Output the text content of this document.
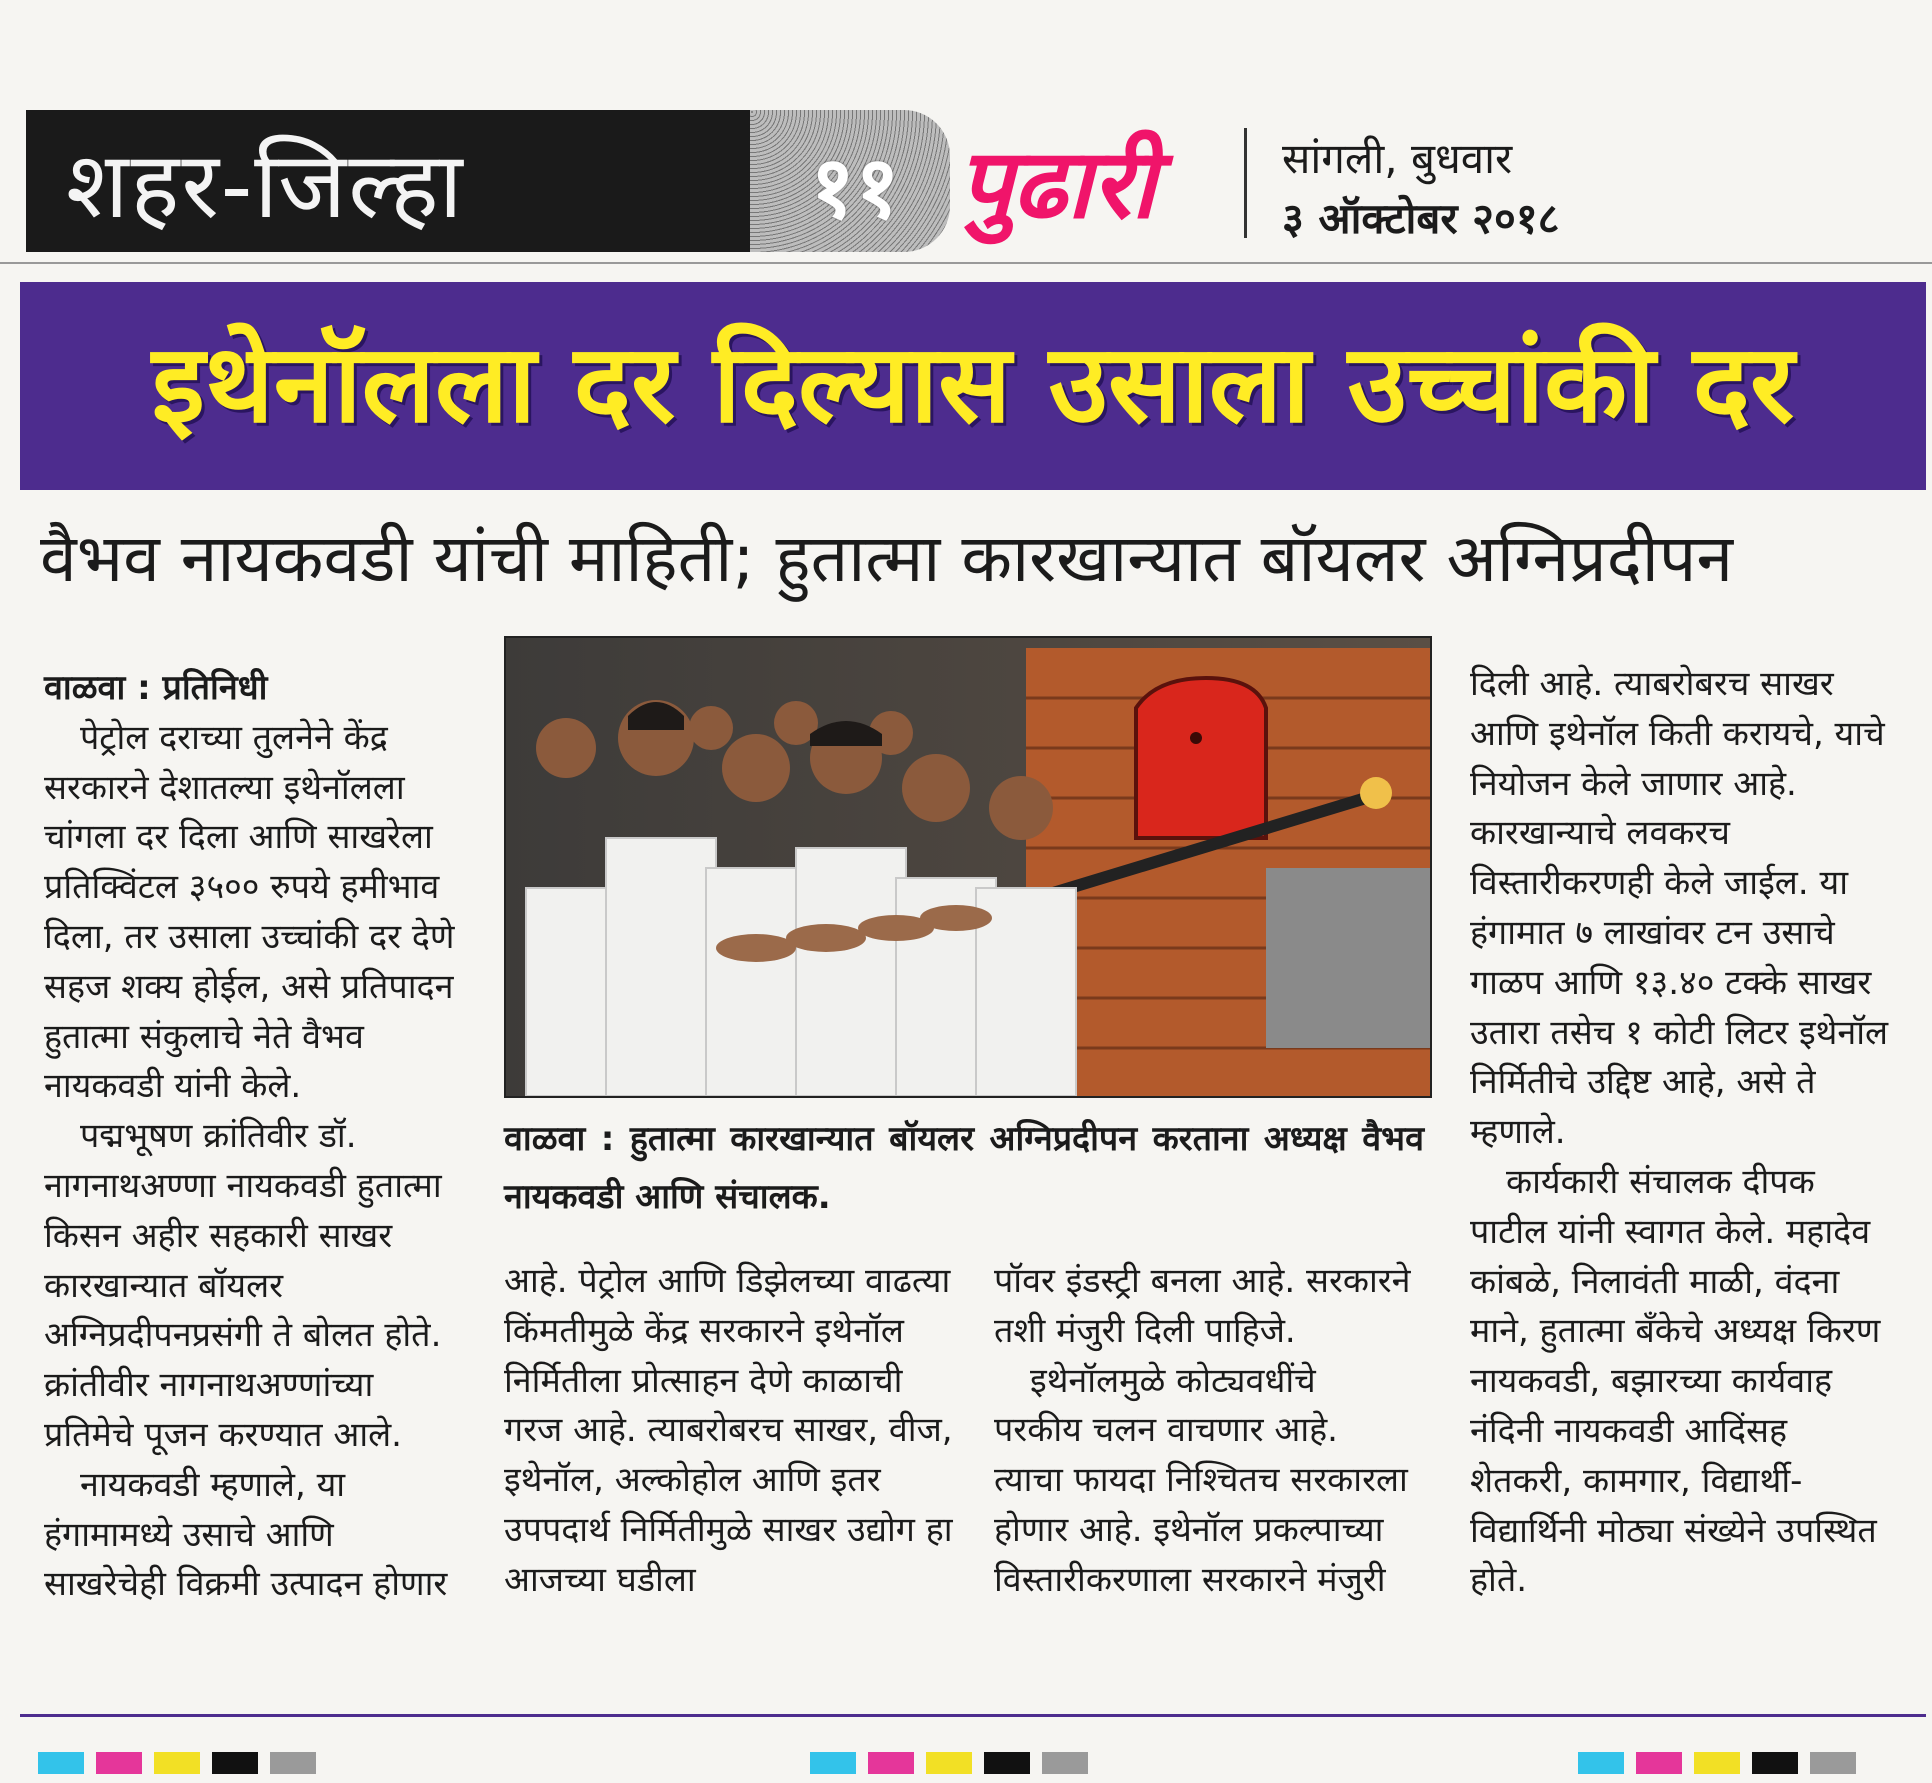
शहर-जिल्हा	११ पुढारी	सांगली, बुधवार
३ ऑक्टोबर २०१८
इथेनॉलला दर दिल्यास उसाला उच्चांकी दर
वैभव नायकवडी यांची माहिती; हुतात्मा कारखान्यात बॉयलर अग्निप्रदीपन

वाळवा : प्रतिनिधी

पेट्रोल दराच्या तुलनेने केंद्र सरकारने देशातल्या इथेनॉलला चांगला दर दिला आणि साखरेला प्रतिक्विंटल ३५०० रुपये हमीभाव दिला, तर उसाला उच्चांकी दर देणे सहज शक्य होईल, असे प्रतिपादन हुतात्मा संकुलाचे नेते वैभव नायकवडी यांनी केले.

पद्मभूषण क्रांतिवीर डॉ. नागनाथअण्णा नायकवडी हुतात्मा किसन अहीर सहकारी साखर कारखान्यात बॉयलर अग्निप्रदीपनप्रसंगी ते बोलत होते. क्रांतीवीर नागनाथअण्णांच्या प्रतिमेचे पूजन करण्यात आले.

नायकवडी म्हणाले, या हंगामामध्ये उसाचे आणि साखरेचेही विक्रमी उत्पादन होणार

वाळवा : हुतात्मा कारखान्यात बॉयलर अग्निप्रदीपन करताना अध्यक्ष वैभव नायकवडी आणि संचालक.

आहे. पेट्रोल आणि डिझेलच्या वाढत्या किंमतीमुळे केंद्र सरकारने इथेनॉल निर्मितीला प्रोत्साहन देणे काळाची गरज आहे. त्याबरोबरच साखर, वीज, इथेनॉल, अल्कोहोल आणि इतर उपपदार्थ निर्मितीमुळे साखर उद्योग हा आजच्या घडीला

पॉवर इंडस्ट्री बनला आहे. सरकारने तशी मंजुरी दिली पाहिजे.

इथेनॉलमुळे कोट्यवधींचे परकीय चलन वाचणार आहे. त्याचा फायदा निश्चितच सरकारला होणार आहे. इथेनॉल प्रकल्पाच्या विस्तारीकरणाला सरकारने मंजुरी

दिली आहे. त्याबरोबरच साखर आणि इथेनॉल किती करायचे, याचे नियोजन केले जाणार आहे. कारखान्याचे लवकरच विस्तारीकरणही केले जाईल. या हंगामात ७ लाखांवर टन उसाचे गाळप आणि १३.४० टक्के साखर उतारा तसेच १ कोटी लिटर इथेनॉल निर्मितीचे उद्दिष्ट आहे, असे ते म्हणाले.

कार्यकारी संचालक दीपक पाटील यांनी स्वागत केले. महादेव कांबळे, निलावंती माळी, वंदना माने, हुतात्मा बँकेचे अध्यक्ष किरण नायकवडी, बझारच्या कार्यवाह नंदिनी नायकवडी आदिंसह शेतकरी, कामगार, विद्यार्थी-विद्यार्थिनी मोठ्या संख्येने उपस्थित होते.
